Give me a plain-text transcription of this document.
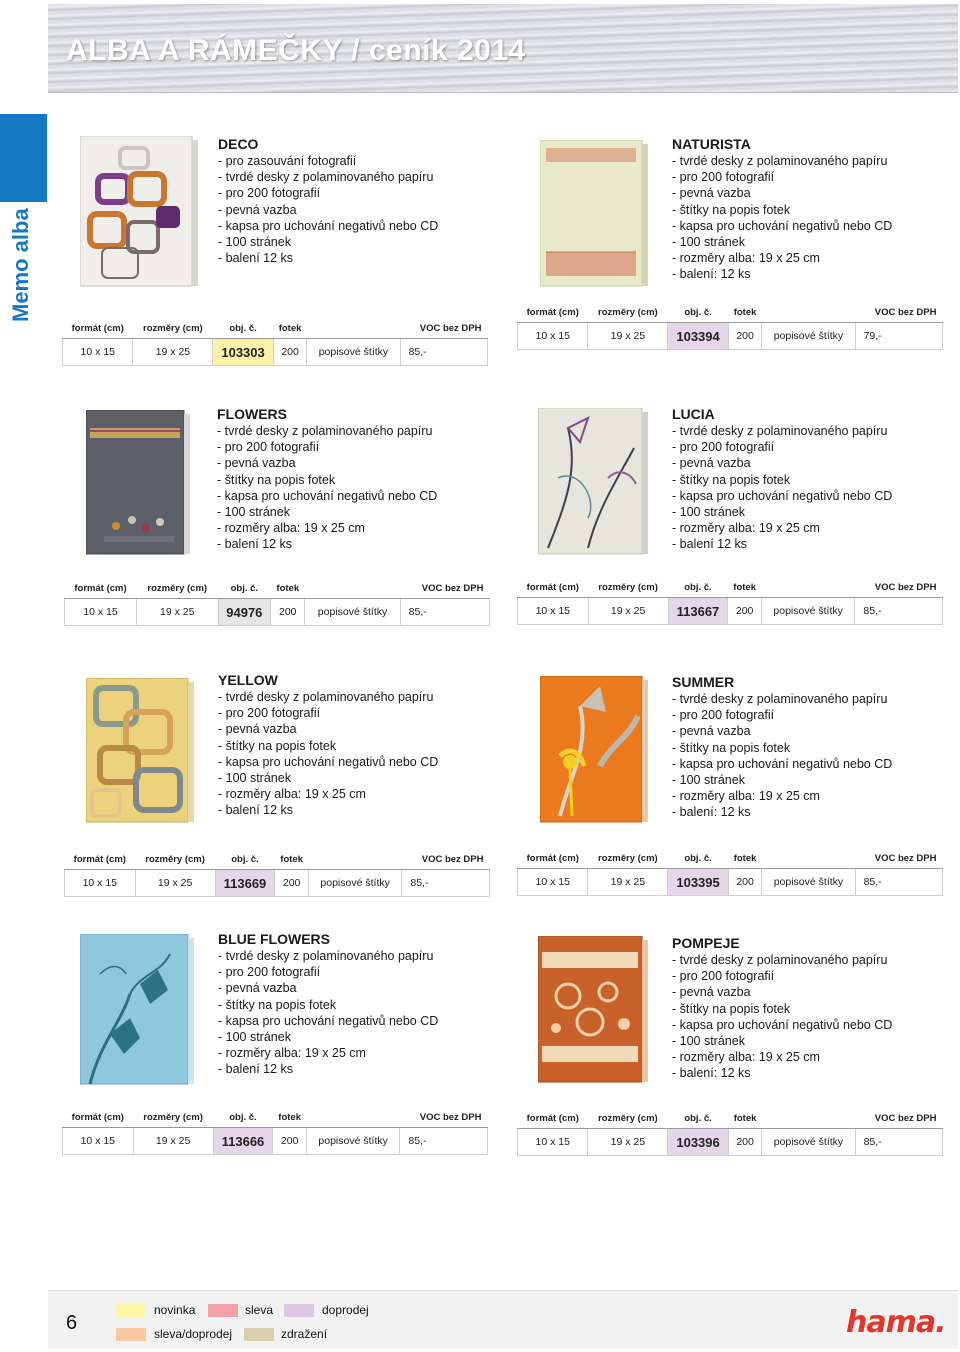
ALBA A RÁMEČKY / ceník 2014
Memo alba
DECO
- pro zasouvání fotografií
- tvrdé desky z polaminovaného papíru
- pro 200 fotografií
- pevná vazba
- kapsa pro uchování negativů nebo CD
- 100 stránek
- balení 12 ks
formát (cm)	rozměry (cm)	obj. č.	fotek		VOC bez DPH
10 x 15	19 x 25	103303	200	popisové štítky	85,-
NATURISTA
- tvrdé desky z polaminovaného papíru
- pro 200 fotografií
- pevná vazba
- štítky na popis fotek
- kapsa pro uchování negativů nebo CD
- 100 stránek
- rozměry alba: 19 x 25 cm
- balení: 12 ks
formát (cm)	rozměry (cm)	obj. č.	fotek		VOC bez DPH
10 x 15	19 x 25	103394	200	popisové štítky	79,-
FLOWERS
- tvrdé desky z polaminovaného papíru
- pro 200 fotografií
- pevná vazba
- štítky na popis fotek
- kapsa pro uchování negativů nebo CD
- 100 stránek
- rozměry alba: 19 x 25 cm
- balení 12 ks
formát (cm)	rozměry (cm)	obj. č.	fotek		VOC bez DPH
10 x 15	19 x 25	94976	200	popisové štítky	85,-
LUCIA
- tvrdé desky z polaminovaného papíru
- pro 200 fotografií
- pevná vazba
- štítky na popis fotek
- kapsa pro uchování negativů nebo CD
- 100 stránek
- rozměry alba: 19 x 25 cm
- balení 12 ks
formát (cm)	rozměry (cm)	obj. č.	fotek		VOC bez DPH
10 x 15	19 x 25	113667	200	popisové štítky	85,-
YELLOW
- tvrdé desky z polaminovaného papíru
- pro 200 fotografií
- pevná vazba
- štítky na popis fotek
- kapsa pro uchování negativů nebo CD
- 100 stránek
- rozměry alba: 19 x 25 cm
- balení 12 ks
formát (cm)	rozměry (cm)	obj. č.	fotek		VOC bez DPH
10 x 15	19 x 25	113669	200	popisové štítky	85,-
SUMMER
- tvrdé desky z polaminovaného papíru
- pro 200 fotografií
- pevná vazba
- štítky na popis fotek
- kapsa pro uchování negativů nebo CD
- 100 stránek
- rozměry alba: 19 x 25 cm
- balení: 12 ks
formát (cm)	rozměry (cm)	obj. č.	fotek		VOC bez DPH
10 x 15	19 x 25	103395	200	popisové štítky	85,-
BLUE FLOWERS
- tvrdé desky z polaminovaného papíru
- pro 200 fotografií
- pevná vazba
- štítky na popis fotek
- kapsa pro uchování negativů nebo CD
- 100 stránek
- rozměry alba: 19 x 25 cm
- balení 12 ks
formát (cm)	rozměry (cm)	obj. č.	fotek		VOC bez DPH
10 x 15	19 x 25	113666	200	popisové štítky	85,-
POMPEJE
- tvrdé desky z polaminovaného papíru
- pro 200 fotografií
- pevná vazba
- štítky na popis fotek
- kapsa pro uchování negativů nebo CD
- 100 stránek
- rozměry alba: 19 x 25 cm
- balení: 12 ks
formát (cm)	rozměry (cm)	obj. č.	fotek		VOC bez DPH
10 x 15	19 x 25	103396	200	popisové štítky	85,-
6
novinka	sleva	doprodej
sleva/doprodej	zdražení	hama.
